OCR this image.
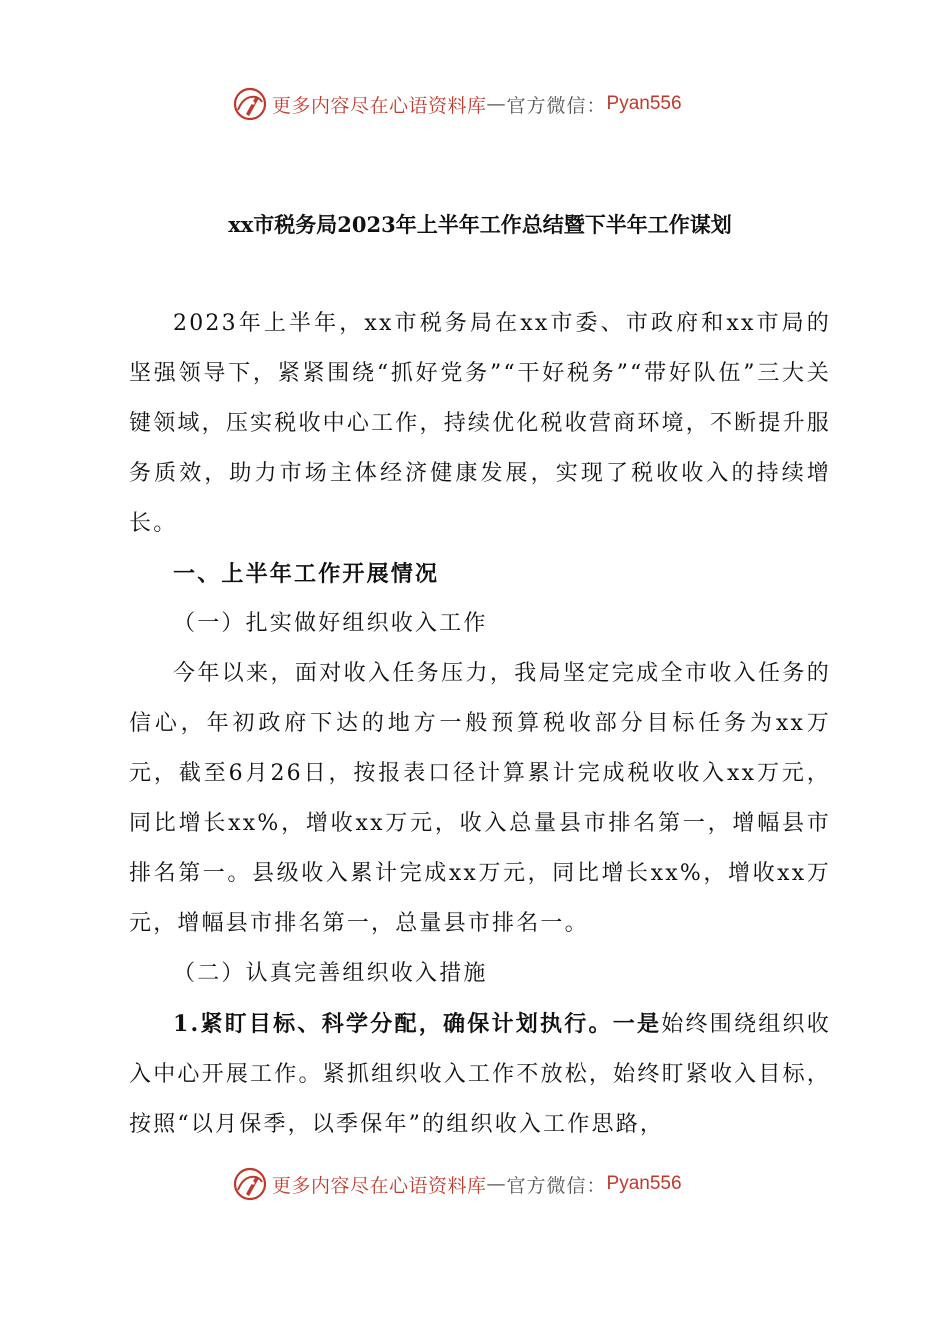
更多内容尽在心语资料库 — 官方微信： Pyan556
xx市税务局2023年上半年工作总结暨下半年工作谋划

2023年上半年，xx市税务局在xx市委、市政府和xx市局的坚强领导下，紧紧围绕“抓好党务”“干好税务”“带好队伍”三大关键领域，压实税收中心工作，持续优化税收营商环境，不断提升服务质效，助力市场主体经济健康发展，实现了税收收入的持续增长。

一、上半年工作开展情况

（一）扎实做好组织收入工作

今年以来，面对收入任务压力，我局坚定完成全市收入任务的信心，年初政府下达的地方一般预算税收部分目标任务为xx万元，截至6月26日，按报表口径计算累计完成税收收入xx万元，同比增长xx%，增收xx万元，收入总量县市排名第一，增幅县市排名第一。县级收入累计完成xx万元，同比增长xx%，增收xx万元，增幅县市排名第一，总量县市排名一。

（二）认真完善组织收入措施

1.紧盯目标、科学分配，确保计划执行。一是始终围绕组织收入中心开展工作。紧抓组织收入工作不放松，始终盯紧收入目标，按照“以月保季，以季保年”的组织收入工作思路，

更多内容尽在心语资料库 — 官方微信： Pyan556
